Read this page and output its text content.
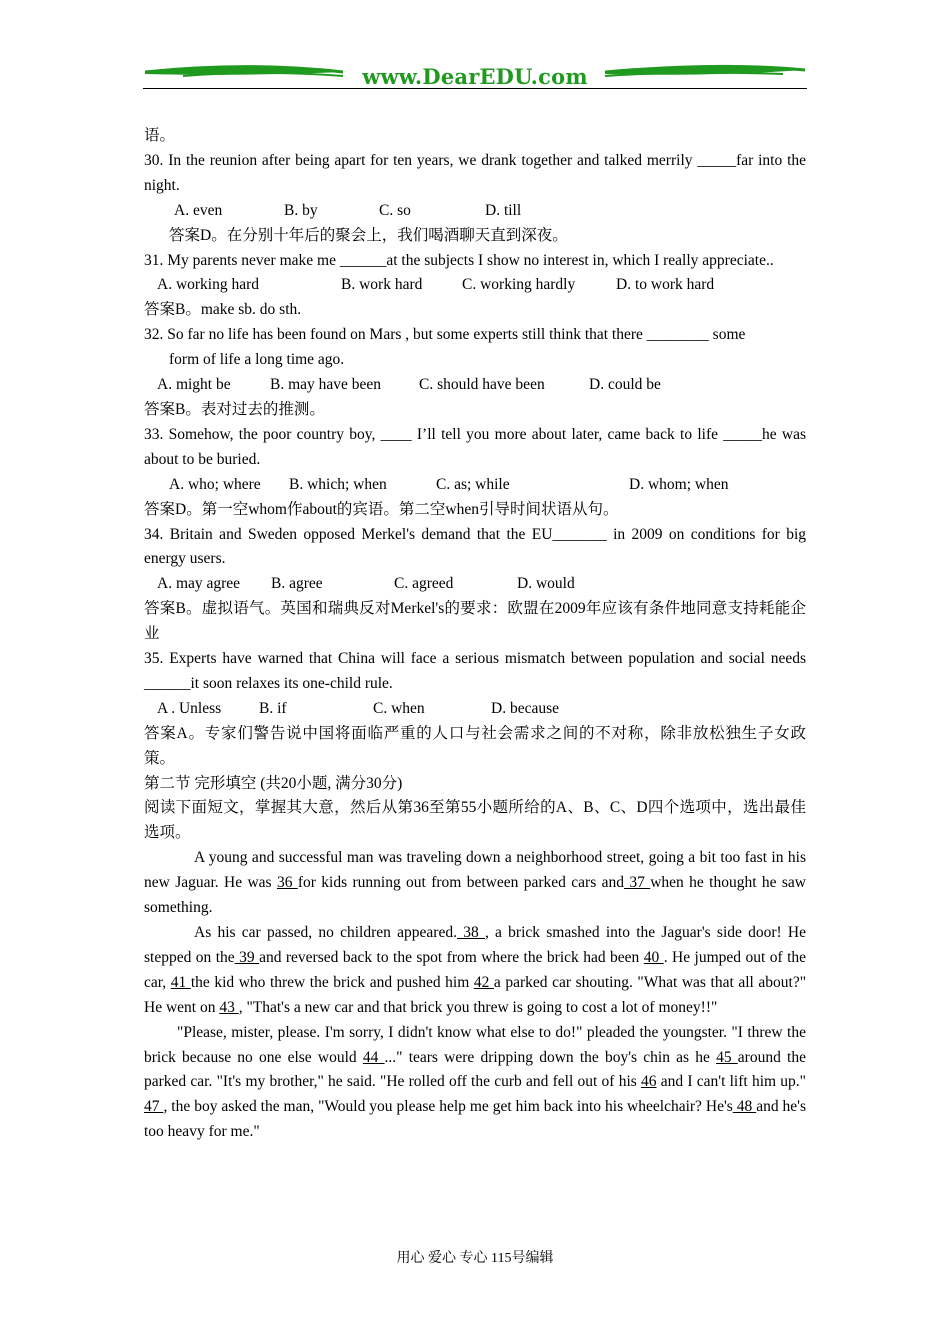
www.DearEDU.com

语。

30. In the reunion after being apart for ten years, we drank together and talked merrily _____far into the night.

A. even	B. by	C. so	D. till

答案D。在分别十年后的聚会上，我们喝酒聊天直到深夜。

31. My parents never make me ______at the subjects I show no interest in, which I really appreciate..

A. working hard	B. work hard	C. working hardly	D. to work hard

答案B。make sb. do sth.

32. So far no life has been found on Mars , but some experts still think that there ________ some

form of life a long time ago.

A. might be	B. may have been C. should have been	D. could be

答案B。表对过去的推测。

33. Somehow, the poor country boy, ____ I’ll tell you more about later, came back to life _____he was about to be buried.

A. who; where B. which; when	C. as; while	D. whom; when

答案D。第一空whom作about的宾语。第二空when引导时间状语从句。

34. Britain and Sweden opposed Merkel's demand that the EU_______ in 2009 on conditions for big energy users.

A. may agree B. agree	C. agreed	D. would

答案B。虚拟语气。英国和瑞典反对Merkel's的要求：欧盟在2009年应该有条件地同意支持耗能企业

35. Experts have warned that China will face a serious mismatch between population and social needs ______it soon relaxes its one-child rule.

A . Unless B. if	C. when	D. because

答案A。专家们警告说中国将面临严重的人口与社会需求之间的不对称，除非放松独生子女政策。

第二节 完形填空 (共20小题, 满分30分)

阅读下面短文，掌握其大意，然后从第36至第55小题所给的A、B、C、D四个选项中，选出最佳选项。

A young and successful man was traveling down a neighborhood street, going a bit too fast in his new Jaguar. He was 36 for kids running out from between parked cars and 37 when he thought he saw something.

As his car passed, no children appeared. 38 , a brick smashed into the Jaguar's side door! He stepped on the 39 and reversed back to the spot from where the brick had been 40 . He jumped out of the car, 41 the kid who threw the brick and pushed him 42 a parked car shouting. "What was that all about?" He went on 43 , "That's a new car and that brick you threw is going to cost a lot of money!!"

"Please, mister, please. I'm sorry, I didn't know what else to do!" pleaded the youngster. "I threw the brick because no one else would 44 ..." tears were dripping down the boy's chin as he 45 around the parked car. "It's my brother," he said. "He rolled off the curb and fell out of his 46 and I can't lift him up." 47 , the boy asked the man, "Would you please help me get him back into his wheelchair? He's 48 and he's too heavy for me."

用心 爱心 专心 115号编辑
